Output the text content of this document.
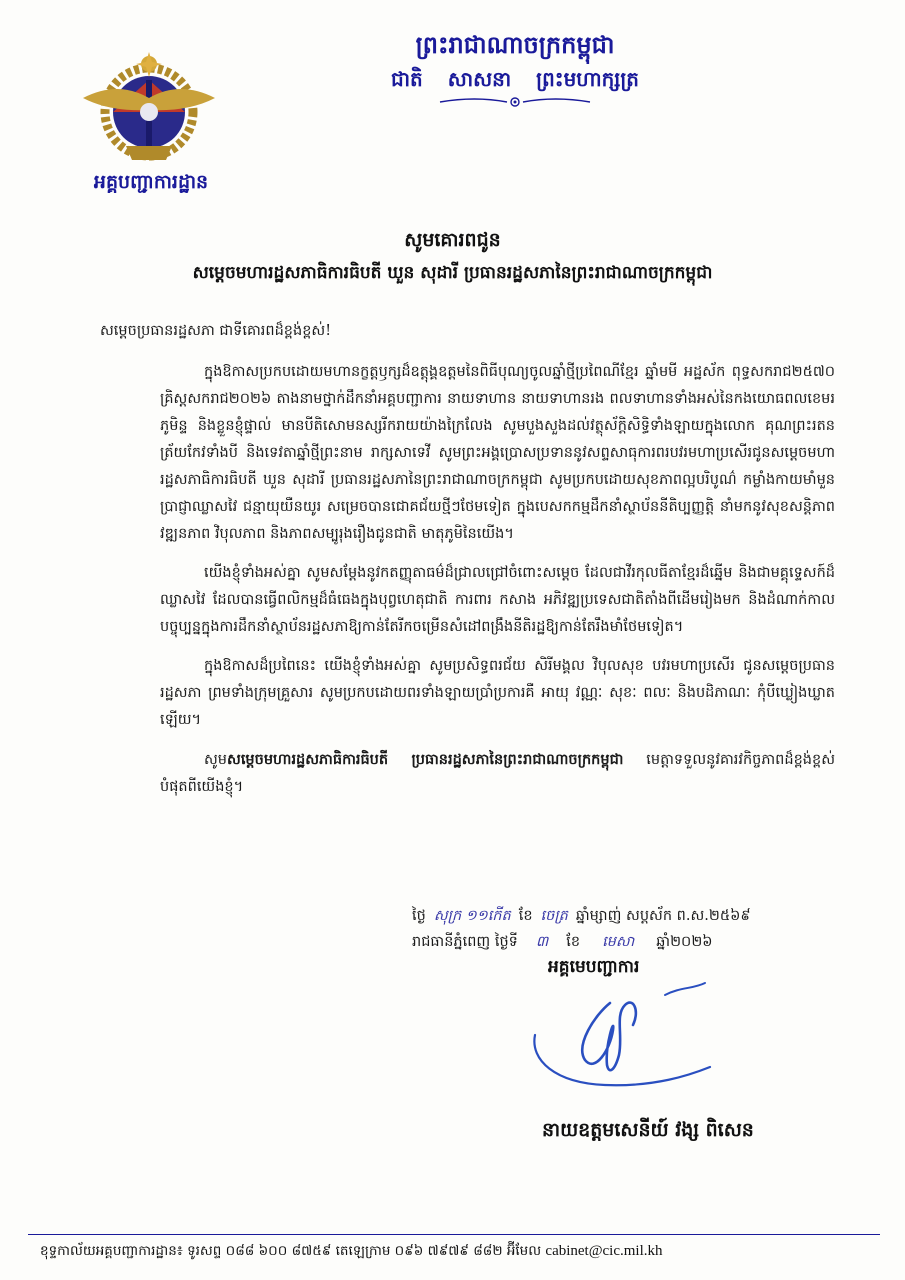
អគ្គបញ្ជាការដ្ឋាន
ព្រះរាជាណាចក្រកម្ពុជា
ជាតិ សាសនា ព្រះមហាក្សត្រ
សូមគោរពជូន
សម្តេចមហារដ្ឋសភាធិការធិបតី ឃួន សុដារី ប្រធានរដ្ឋសភានៃព្រះរាជាណាចក្រកម្ពុជា

សម្តេចប្រធានរដ្ឋសភា ជាទីគោរពដ៏ខ្ពង់ខ្ពស់!

ក្នុងឱកាសប្រកបដោយមហានក្ខត្តឫក្សដ៏ឧត្តុង្គឧត្តមនៃពិធីបុណ្យចូលឆ្នាំថ្មីប្រពៃណីខ្មែរ ឆ្នាំមមី អដ្ឋស័ក ពុទ្ធសករាជ២៥៧០ គ្រិស្តសករាជ២០២៦ តាងនាមថ្នាក់ដឹកនាំអគ្គបញ្ជាការ នាយទាហាន នាយទាហានរង ពលទាហានទាំងអស់នៃកងយោធពលខេមរភូមិន្ទ និងខ្លួនខ្ញុំផ្ទាល់ មានបីតិសោមនស្សរីករាយយ៉ាងក្រៃលែង សូមបួងសួងដល់វត្ថុស័ក្តិសិទ្ធិទាំងឡាយក្នុងលោក គុណព្រះរតនត្រ័យកែវទាំងបី និងទេវតាឆ្នាំថ្មីព្រះនាម រាក្សសាទេវី សូមព្រះអង្គប្រោសប្រទាននូវសព្ទសាធុការពរបវរមហាប្រសើរជូនសម្តេចមហារដ្ឋសភាធិការធិបតី ឃួន សុដារី ប្រធានរដ្ឋសភានៃព្រះរាជាណាចក្រកម្ពុជា សូមប្រកបដោយសុខភាពល្អបរិបូណ៌ កម្លាំងកាយមាំមួន ប្រាជ្ញាឈ្លាសវៃ ជន្មាយុយឺនយូរ សម្រេចបានជោគជ័យថ្មីៗថែមទៀត ក្នុងបេសកកម្មដឹកនាំស្ថាប័ននីតិប្បញ្ញត្តិ នាំមកនូវសុខសន្តិភាព វឌ្ឍនភាព វិបុលភាព និងភាពសម្បូរុងរឿងជូនជាតិ មាតុភូមិនៃយើង។

យើងខ្ញុំទាំងអស់គ្នា សូមសម្តែងនូវកតញ្ញុតាធម៌ដ៏ជ្រាលជ្រៅចំពោះសម្តេច ដែលជាវីរកុលធីតាខ្មែរដ៏ឆ្នើម និងជាមគ្គុទ្ទេសក៍ដ៏ឈ្លាសវៃ ដែលបានធ្វើពលិកម្មដ៏ធំធេងក្នុងបុព្វហេតុជាតិ ការពារ កសាង អភិវឌ្ឍប្រទេសជាតិតាំងពីដើមរៀងមក និងដំណាក់កាលបច្ចុប្បន្នក្នុងការដឹកនាំស្ថាប័នរដ្ឋសភាឱ្យកាន់តែរីកចម្រើនសំដៅពង្រឹងនីតិរដ្ឋឱ្យកាន់តែរឹងមាំថែមទៀត។

ក្នុងឱកាសដ៏ប្រពៃនេះ យើងខ្ញុំទាំងអស់គ្នា សូមប្រសិទ្ធពរជ័យ សិរីមង្គល វិបុលសុខ បវរមហាប្រសើរ ជូនសម្តេចប្រធានរដ្ឋសភា ព្រមទាំងក្រុមគ្រួសារ សូមប្រកបដោយពរទាំងឡាយប្រាំប្រការគឺ អាយុ វណ្ណៈ សុខៈ ពលៈ និងបដិភាណៈ កុំបីឃ្លៀងឃ្លាតឡើយ។

សូមសម្តេចមហារដ្ឋសភាធិការធិបតី ប្រធានរដ្ឋសភានៃព្រះរាជាណាចក្រកម្ពុជា មេត្តាទទួលនូវគារវកិច្ចភាពដ៏ខ្ពង់ខ្ពស់បំផុតពីយើងខ្ញុំ។

ថ្ងៃ សុក្រ ១១កើត ខែ ចេត្រ ឆ្នាំម្សាញ់ សប្តស័ក ព.ស.២៥៦៩
រាជធានីភ្នំពេញ ថ្ងៃទី ៣ ខែ មេសា ឆ្នាំ២០២៦
អគ្គមេបញ្ជាការ
នាយឧត្តមសេនីយ៍ វង្ស ពិសេន
ខុទ្ទកាល័យអគ្គបញ្ជាការដ្ឋាន៖ ទូរសព្ទ ០៨៨ ៦០០ ៨៧៥៩ តេឡេក្រាម ០៩៦ ៧៩៧៩ ៨៨២ អ៊ីមែល cabinet@cic.mil.kh
